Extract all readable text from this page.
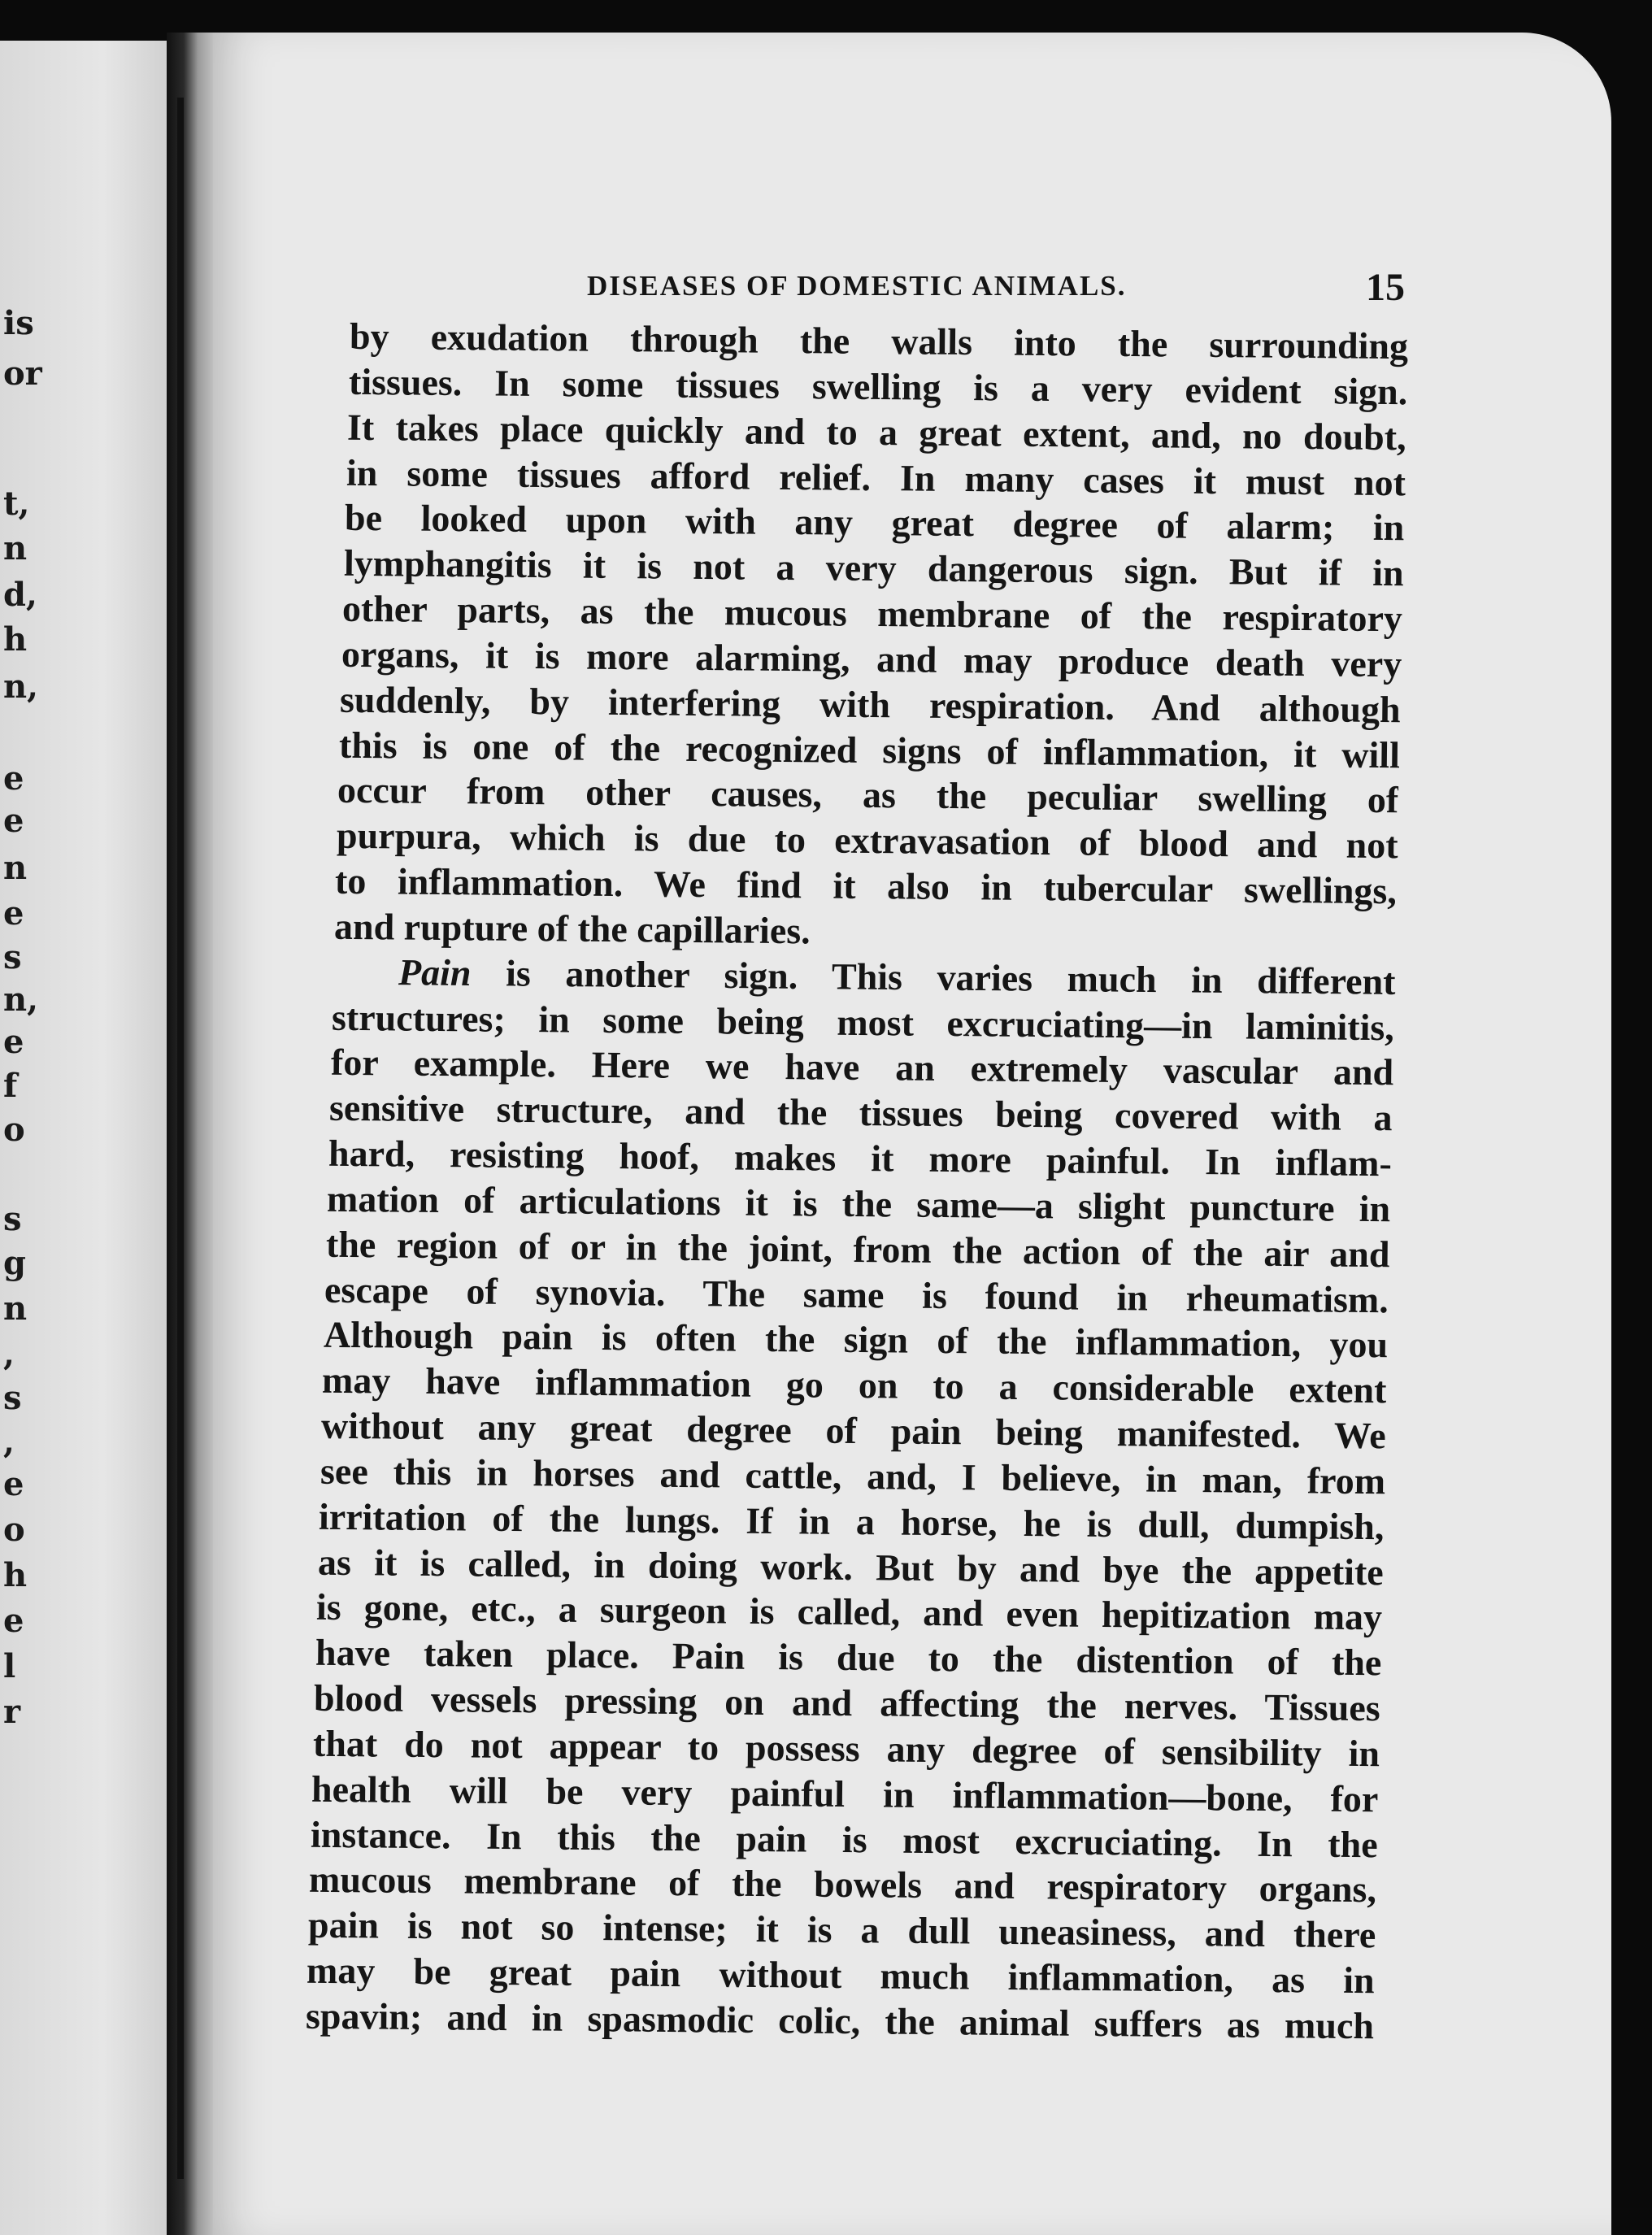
is
or
t,
n
d,
h
n,
e
e
n
e
s
n,
e
f
o
s
g
n
,
s
,
e
o
h
e
l
r
DISEASES OF DOMESTIC ANIMALS.	15
by exudation through the walls into the surrounding
tissues. In some tissues swelling is a very evident sign.
It takes place quickly and to a great extent, and, no doubt,
in some tissues afford relief. In many cases it must not
be looked upon with any great degree of alarm; in
lymphangitis it is not a very dangerous sign. But if in
other parts, as the mucous membrane of the respiratory
organs, it is more alarming, and may produce death very
suddenly, by interfering with respiration. And although
this is one of the recognized signs of inflammation, it will
occur from other causes, as the peculiar swelling of
purpura, which is due to extravasation of blood and not
to inflammation. We find it also in tubercular swellings,
and rupture of the capillaries.
Pain is another sign. This varies much in different
structures; in some being most excruciating—in laminitis,
for example. Here we have an extremely vascular and
sensitive structure, and the tissues being covered with a
hard, resisting hoof, makes it more painful. In inflam-
mation of articulations it is the same—a slight puncture in
the region of or in the joint, from the action of the air and
escape of synovia. The same is found in rheumatism.
Although pain is often the sign of the inflammation, you
may have inflammation go on to a considerable extent
without any great degree of pain being manifested. We
see this in horses and cattle, and, I believe, in man, from
irritation of the lungs. If in a horse, he is dull, dumpish,
as it is called, in doing work. But by and bye the appetite
is gone, etc., a surgeon is called, and even hepitization may
have taken place. Pain is due to the distention of the
blood vessels pressing on and affecting the nerves. Tissues
that do not appear to possess any degree of sensibility in
health will be very painful in inflammation—bone, for
instance. In this the pain is most excruciating. In the
mucous membrane of the bowels and respiratory organs,
pain is not so intense; it is a dull uneasiness, and there
may be great pain without much inflammation, as in
spavin; and in spasmodic colic, the animal suffers as much
